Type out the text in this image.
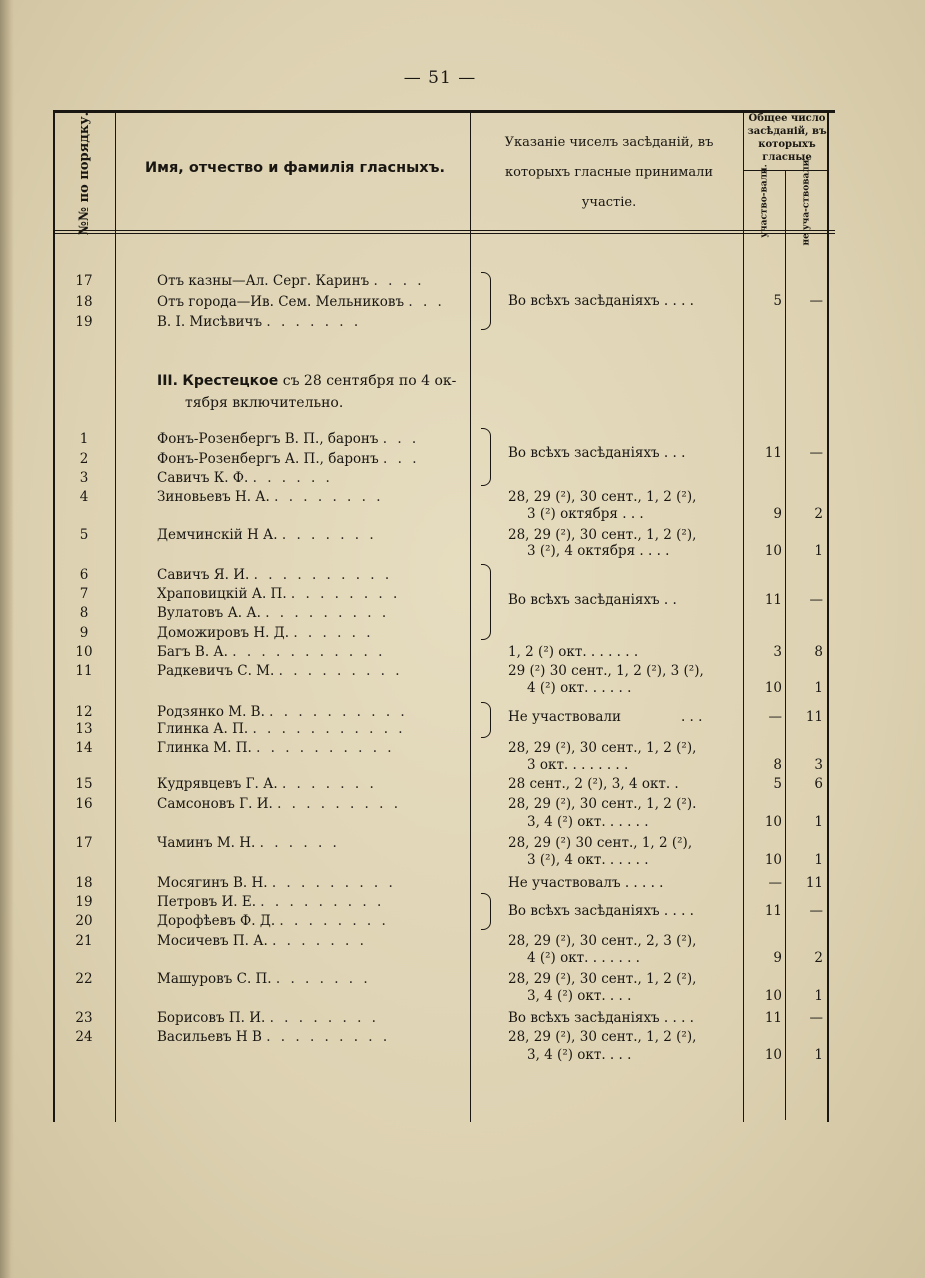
— 51 —
№№ по порядку.	Имя, отчество и фамилія гласныхъ.
Указаніе чиселъ засѣданій, въ
которыхъ гласные принимали
участіе.
Общее число засѣданій, въ которыхъ гласные
участво-вали.	не уча-ствовали.
17	Отъ казны—Ал. Серг. Каринъ . . . .
18	Отъ города—Ив. Сем. Мельниковъ . . .
19	В. І. Мисѣвичъ . . . . . . .
Во всѣхъ засѣданіяхъ . . . .	5	—
III. Крестецкое съ 28 сентября по 4 ок-
тября включительно.
1	Фонъ-Розенбергъ В. П., баронъ . . .
2	Фонъ-Розенбергъ А. П., баронъ . . .
3	Савичъ К. Ф. . . . . . .
Во всѣхъ засѣданіяхъ . . .	11	—
4	Зиновьевъ Н. А. . . . . . . . .	28, 29 (²), 30 сент., 1, 2 (²),
3 (²) октября . . .	9	2
5	Демчинскій Н А. . . . . . . .	28, 29 (²), 30 сент., 1, 2 (²),
3 (²), 4 октября . . . .	10	1
6	Савичъ Я. И. . . . . . . . . . .
7	Храповицкій А. П. . . . . . . . .
8	Вулатовъ А. А. . . . . . . . . .
9	Доможировъ Н. Д. . . . . . .
Во всѣхъ засѣданіяхъ . .	11	—
10	Багъ В. А. . . . . . . . . . . .	1, 2 (²) окт. . . . . . .	3	8
11	Радкевичъ С. М. . . . . . . . . .	29 (²) 30 сент., 1, 2 (²), 3 (²),
4 (²) окт. . . . . .	10	1
12	Родзянко М. В. . . . . . . . . . .
13	Глинка А. П. . . . . . . . . . . .
Не участвовали	. . .	—	11
14	Глинка М. П. . . . . . . . . . .	28, 29 (²), 30 сент., 1, 2 (²),
3 окт. . . . . . . .	8	3
15	Кудрявцевъ Г. А. . . . . . . .	28 сент., 2 (²), 3, 4 окт. .	5	6
16	Самсоновъ Г. И. . . . . . . . . .	28, 29 (²), 30 сент., 1, 2 (²).
3, 4 (²) окт. . . . . .	10	1
17	Чаминъ М. Н. . . . . . .	28, 29 (²) 30 сент., 1, 2 (²),
3 (²), 4 окт. . . . . .	10	1
18	Мосягинъ В. Н. . . . . . . . . .	Не участвовалъ . . . . .	—	11
19	Петровъ И. Е. . . . . . . . . .
20	Дорофѣевъ Ф. Д. . . . . . . . .
Во всѣхъ засѣданіяхъ . . . .	11	—
21	Мосичевъ П. А. . . . . . . .	28, 29 (²), 30 сент., 2, 3 (²),
4 (²) окт. . . . . . .	9	2
22	Машуровъ С. П. . . . . . . .	28, 29 (²), 30 сент., 1, 2 (²),
3, 4 (²) окт. . . .	10	1
23	Борисовъ П. И. . . . . . . . .	Во всѣхъ засѣданіяхъ . . . .	11	—
24	Васильевъ Н В . . . . . . . . .	28, 29 (²), 30 сент., 1, 2 (²),
3, 4 (²) окт. . . .	10	1
